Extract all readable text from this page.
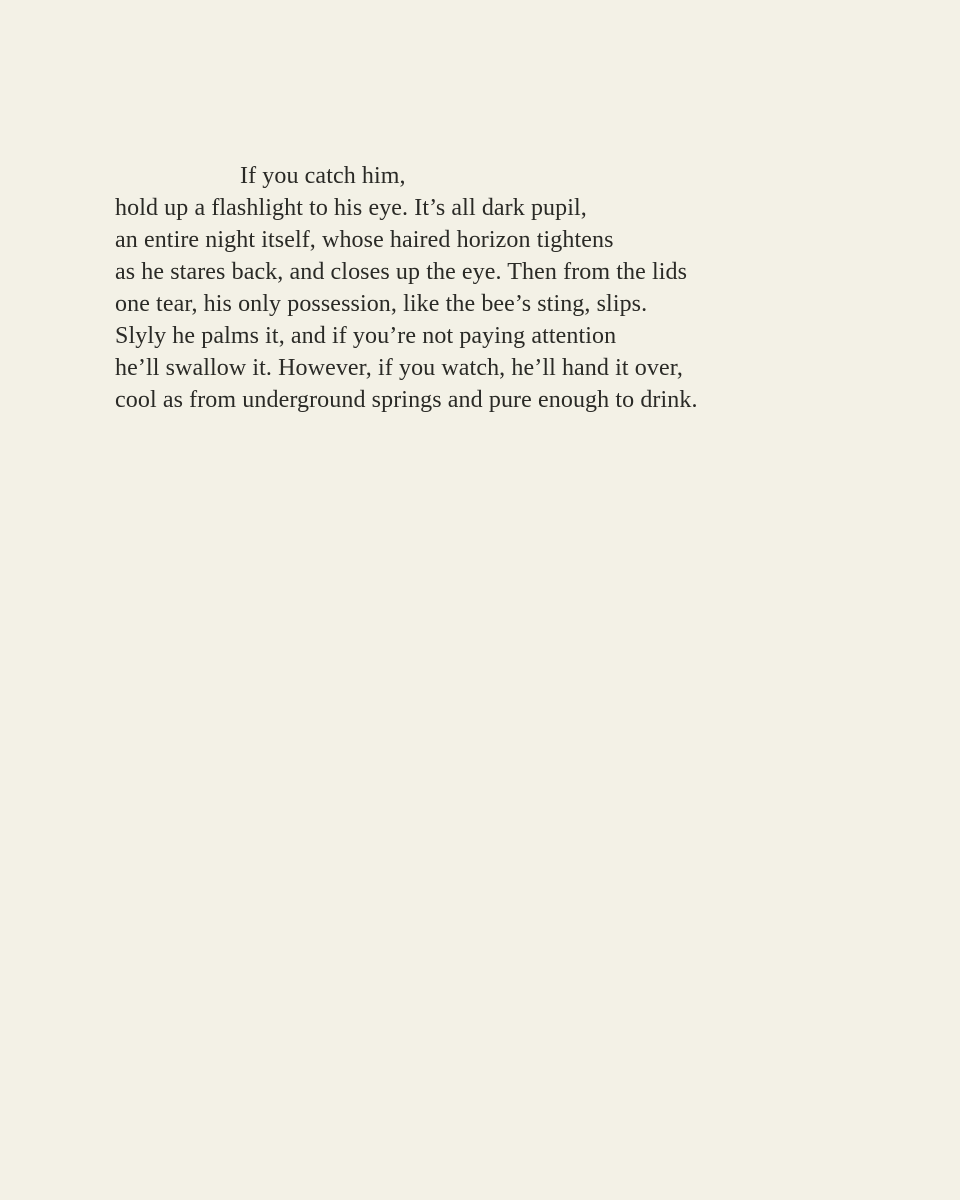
If you catch him,
hold up a flashlight to his eye. It’s all dark pupil,
an entire night itself, whose haired horizon tightens
as he stares back, and closes up the eye. Then from the lids
one tear, his only possession, like the bee’s sting, slips.
Slyly he palms it, and if you’re not paying attention
he’ll swallow it. However, if you watch, he’ll hand it over,
cool as from underground springs and pure enough to drink.
